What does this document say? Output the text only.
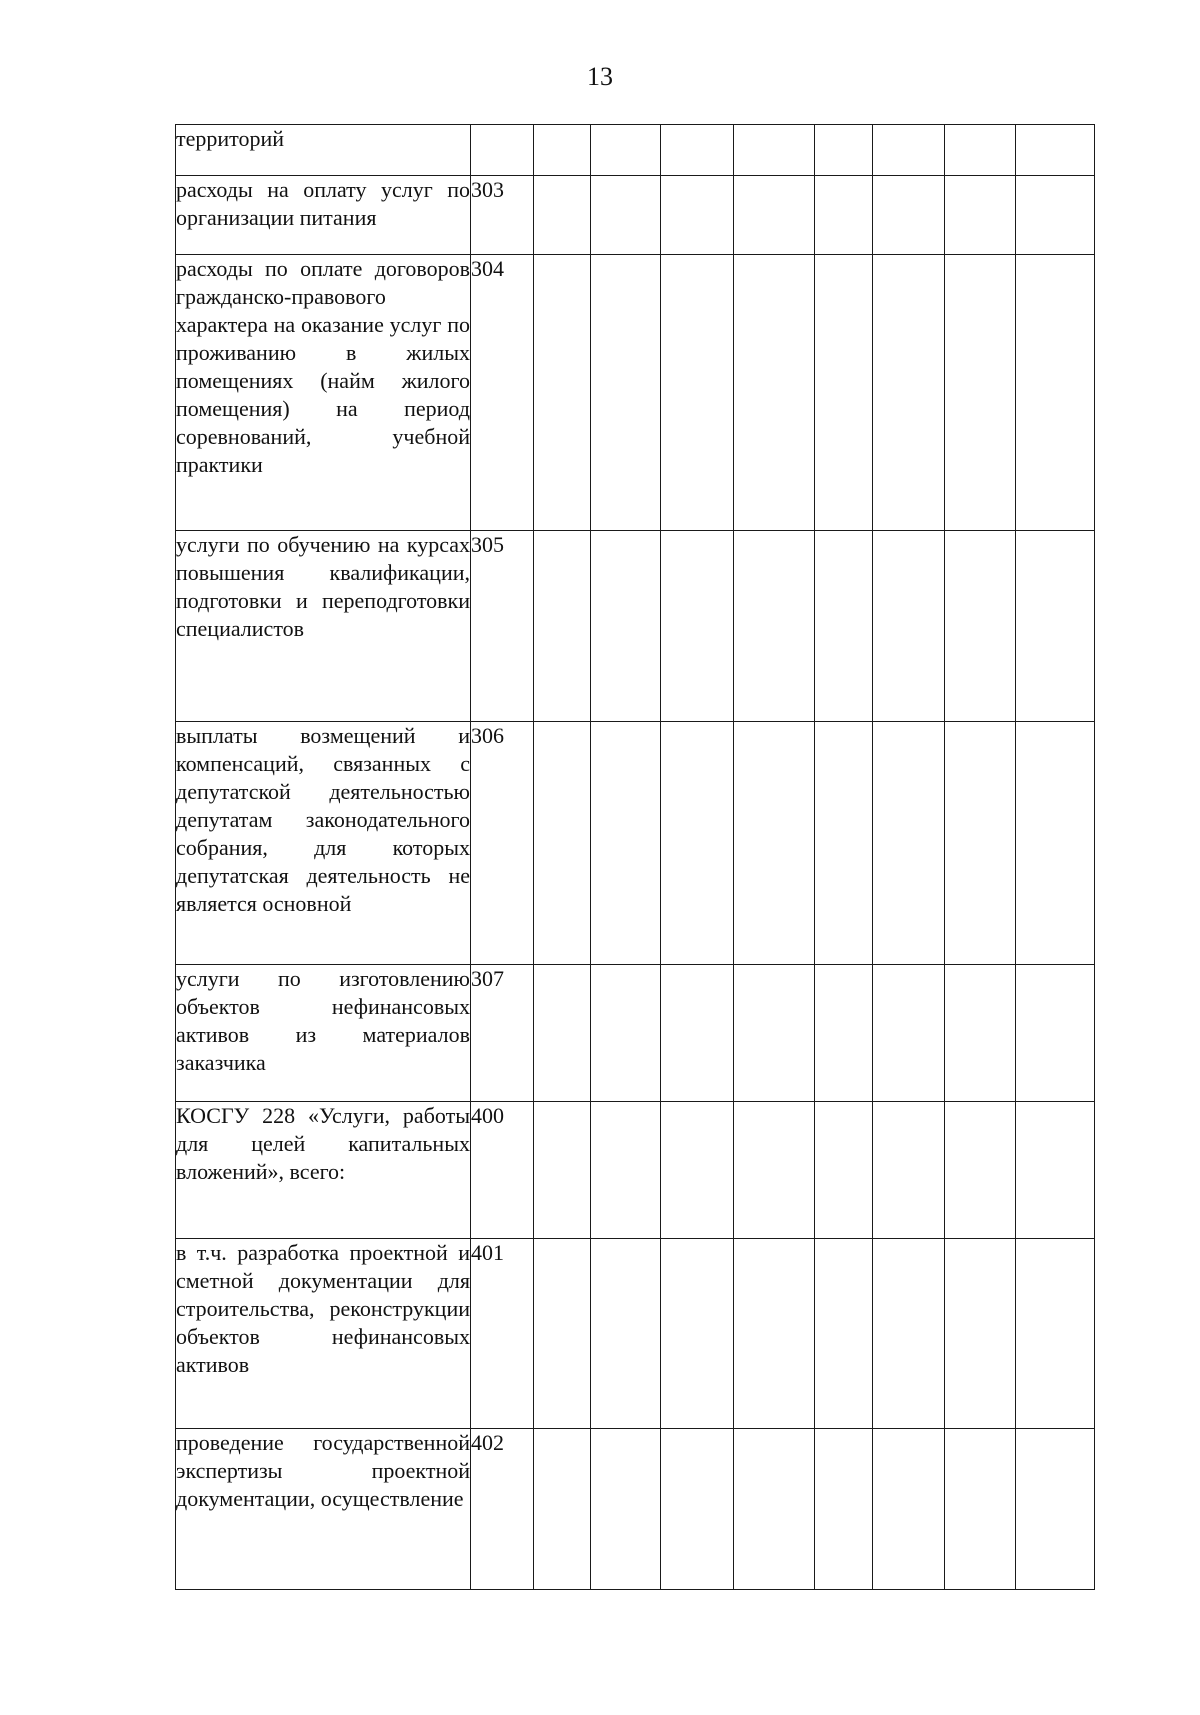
13
территорий									
расходы на оплату услуг по организации питания	303								
расходы по оплате договоров гражданско-правового характера на оказание услуг по проживанию в жилых помещениях (найм жилого помещения) на период соревнований, учебной практики	304								
услуги по обучению на курсах повышения квалификации, подготовки и переподготовки специалистов	305								
выплаты возмещений и компенсаций, связанных с депутатской деятельностью депутатам законодательного собрания, для которых депутатская деятельность не является основной	306								
услуги по изготовлению объектов нефинансовых активов из материалов заказчика	307								
КОСГУ 228 «Услуги, работы для целей капитальных вложений», всего:	400								
в т.ч. разработка проектной и сметной документации для строительства, реконструкции объектов нефинансовых активов	401								
проведение государственной экспертизы проектной документации, осуществление	402								
